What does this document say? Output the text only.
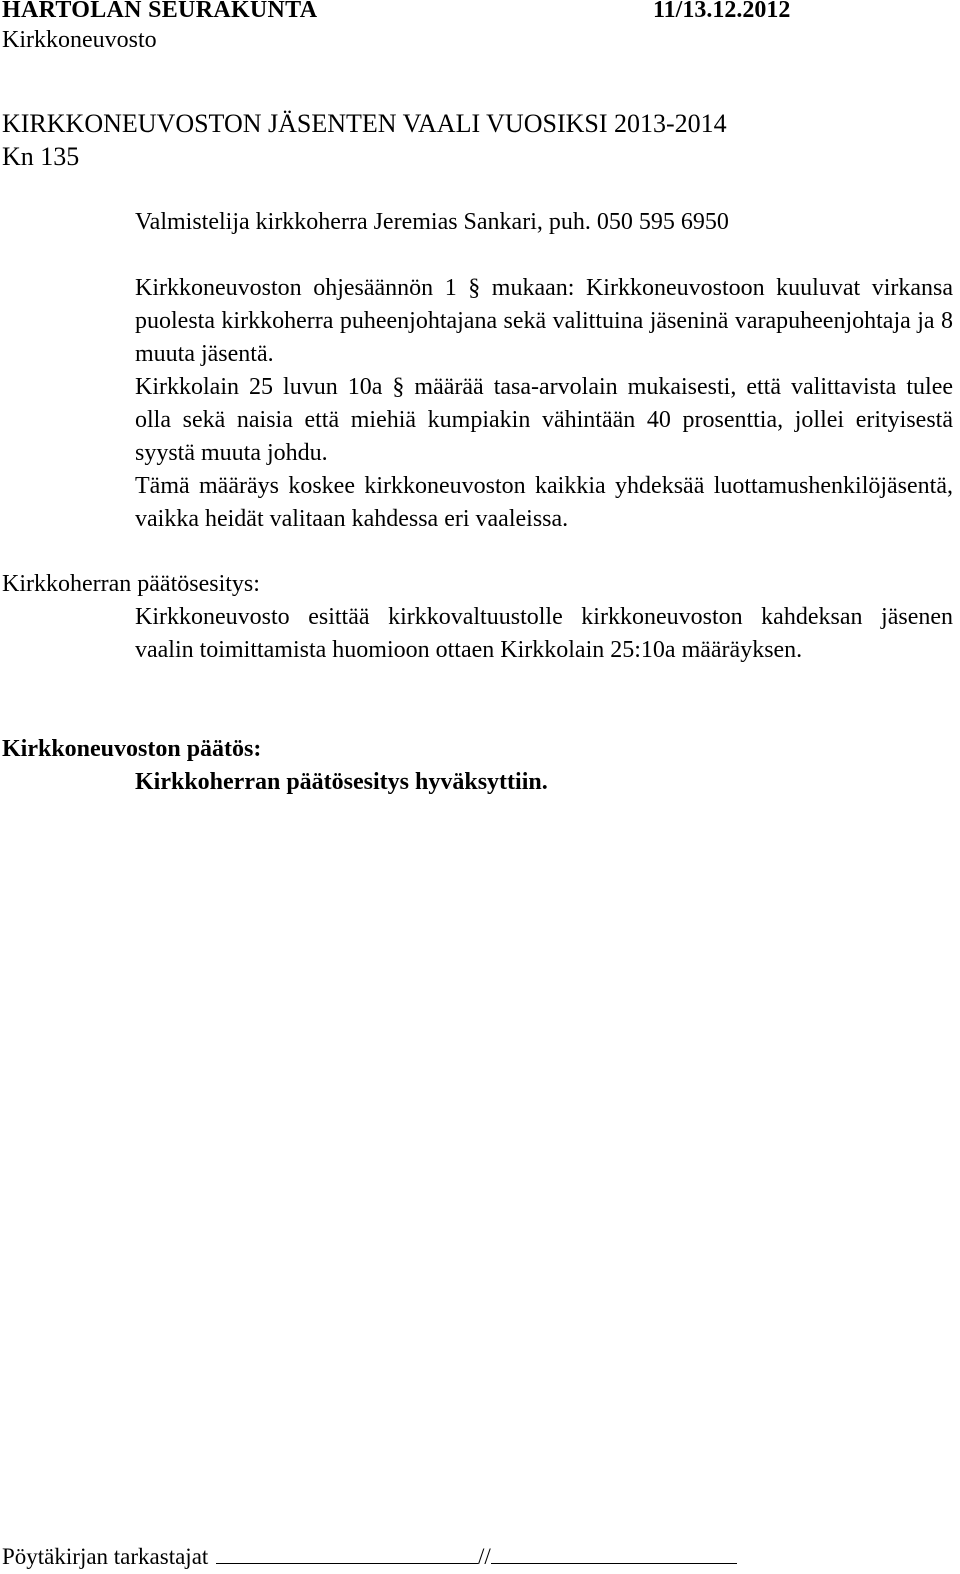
HARTOLAN SEURAKUNTA	11/13.12.2012
Kirkkoneuvosto
KIRKKONEUVOSTON JÄSENTEN VAALI VUOSIKSI 2013-2014
Kn 135

Valmistelija kirkkoherra Jeremias Sankari, puh. 050 595 6950

Kirkkoneuvoston ohjesäännön 1 § mukaan: Kirkkoneuvostoon kuuluvat virkansa puolesta kirkkoherra puheenjohtajana sekä valittuina jäseninä varapuheenjohtaja ja 8 muuta jäsentä.

Kirkkolain 25 luvun 10a § määrää tasa-arvolain mukaisesti, että valittavista tulee olla sekä naisia että miehiä kumpiakin vähintään 40 prosenttia, jollei erityisestä syystä muuta johdu.

Tämä määräys koskee kirkkoneuvoston kaikkia yhdeksää luottamushenkilöjäsentä, vaikka heidät valitaan kahdessa eri vaaleissa.

Kirkkoherran päätösesitys:

Kirkkoneuvosto esittää kirkkovaltuustolle kirkkoneuvoston kahdeksan jäsenen vaalin toimittamista huomioon ottaen Kirkkolain 25:10a määräyksen.

Kirkkoneuvoston päätös:

Kirkkoherran päätösesitys hyväksyttiin.

Pöytäkirjan tarkastajat	//
